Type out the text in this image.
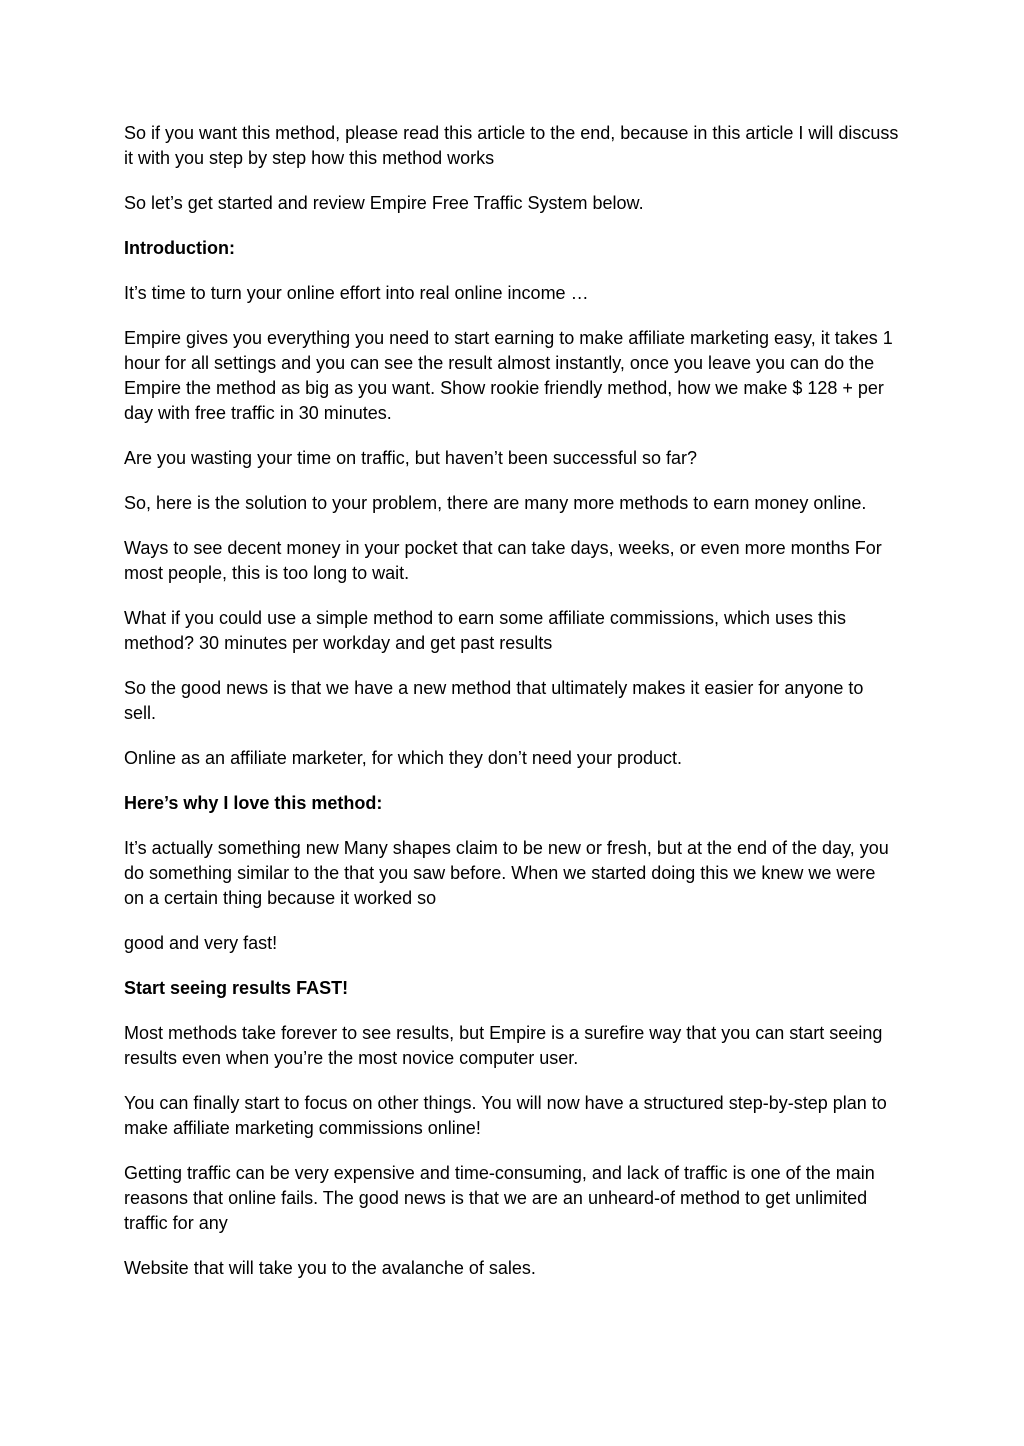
So if you want this method, please read this article to the end, because in this article I will discuss it with you step by step how this method works

So let’s get started and review Empire Free Traffic System below.

Introduction:

It’s time to turn your online effort into real online income …

Empire gives you everything you need to start earning to make affiliate marketing easy, it takes 1 hour for all settings and you can see the result almost instantly, once you leave you can do the Empire the method as big as you want. Show rookie friendly method, how we make $ 128 + per day with free traffic in 30 minutes.

Are you wasting your time on traffic, but haven’t been successful so far?

So, here is the solution to your problem, there are many more methods to earn money online.

Ways to see decent money in your pocket that can take days, weeks, or even more months For most people, this is too long to wait.

What if you could use a simple method to earn some affiliate commissions, which uses this method? 30 minutes per workday and get past results

So the good news is that we have a new method that ultimately makes it easier for anyone to sell.

Online as an affiliate marketer, for which they don’t need your product.

Here’s why I love this method:

It’s actually something new Many shapes claim to be new or fresh, but at the end of the day, you do something similar to the that you saw before. When we started doing this we knew we were on a certain thing because it worked so

good and very fast!

Start seeing results FAST!

Most methods take forever to see results, but Empire is a surefire way that you can start seeing results even when you’re the most novice computer user.

You can finally start to focus on other things. You will now have a structured step-by-step plan to make affiliate marketing commissions online!

Getting traffic can be very expensive and time-consuming, and lack of traffic is one of the main reasons that online fails. The good news is that we are an unheard-of method to get unlimited traffic for any

Website that will take you to the avalanche of sales.
